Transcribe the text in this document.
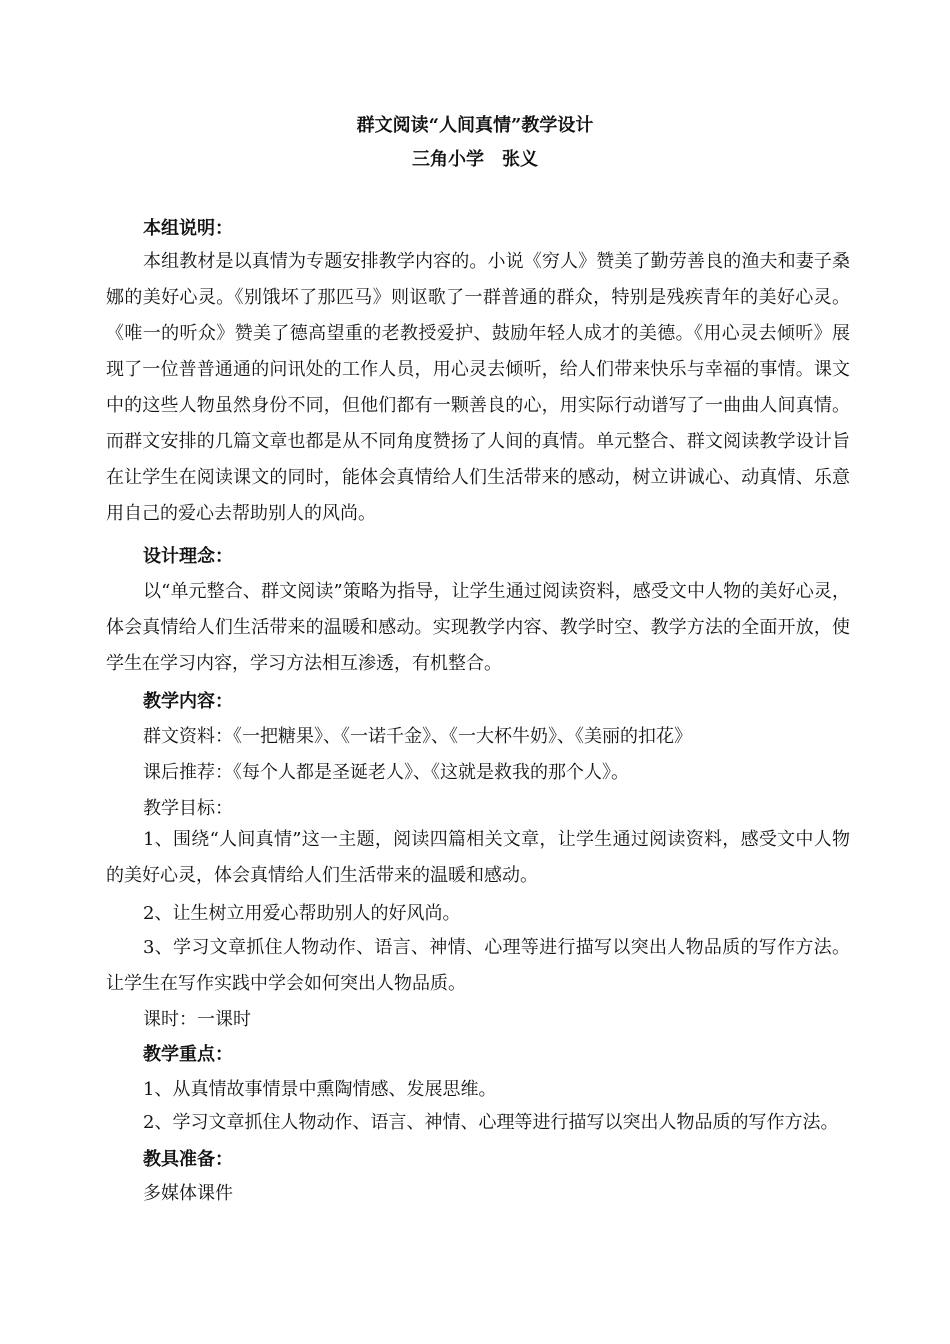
群文阅读“人间真情”教学设计
三角小学　张义
本组说明：
本组教材是以真情为专题安排教学内容的。小说《穷人》赞美了勤劳善良的渔夫和妻子桑娜的美好心灵。《别饿坏了那匹马》则讴歌了一群普通的群众，特别是残疾青年的美好心灵。《唯一的听众》赞美了德高望重的老教授爱护、鼓励年轻人成才的美德。《用心灵去倾听》展现了一位普普通通的问讯处的工作人员，用心灵去倾听，给人们带来快乐与幸福的事情。课文中的这些人物虽然身份不同，但他们都有一颗善良的心，用实际行动谱写了一曲曲人间真情。而群文安排的几篇文章也都是从不同角度赞扬了人间的真情。单元整合、群文阅读教学设计旨在让学生在阅读课文的同时，能体会真情给人们生活带来的感动，树立讲诚心、动真情、乐意用自己的爱心去帮助别人的风尚。
设计理念：
以“单元整合、群文阅读”策略为指导，让学生通过阅读资料，感受文中人物的美好心灵，体会真情给人们生活带来的温暖和感动。实现教学内容、教学时空、教学方法的全面开放，使学生在学习内容，学习方法相互渗透，有机整合。
教学内容：
群文资料：《一把糖果》、《一诺千金》、《一大杯牛奶》、《美丽的扣花》
课后推荐：《每个人都是圣诞老人》、《这就是救我的那个人》。
教学目标：
1、围绕“人间真情”这一主题，阅读四篇相关文章，让学生通过阅读资料，感受文中人物的美好心灵，体会真情给人们生活带来的温暖和感动。
2、让生树立用爱心帮助别人的好风尚。
3、学习文章抓住人物动作、语言、神情、心理等进行描写以突出人物品质的写作方法。让学生在写作实践中学会如何突出人物品质。
课时：一课时
教学重点：
1、从真情故事情景中熏陶情感、发展思维。
2、学习文章抓住人物动作、语言、神情、心理等进行描写以突出人物品质的写作方法。
教具准备：
多媒体课件
